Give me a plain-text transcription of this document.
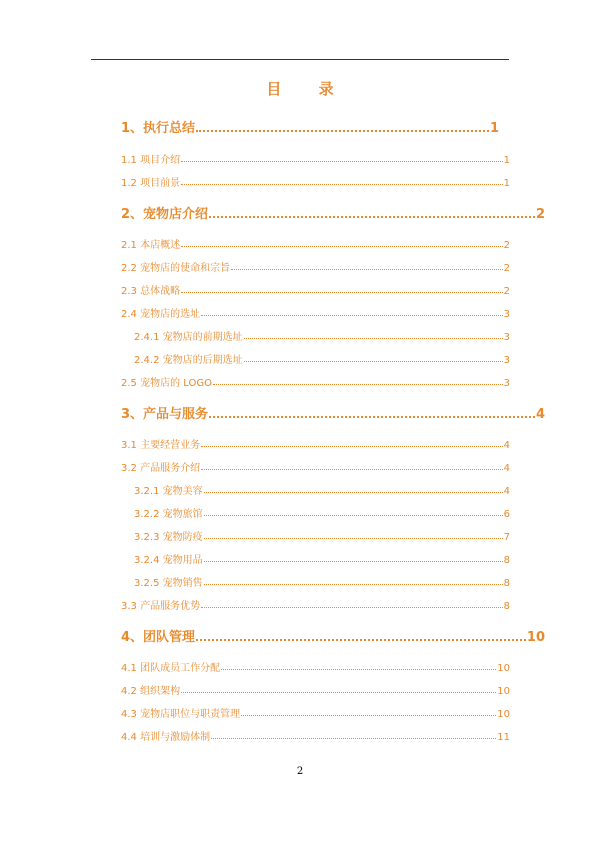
目 录
1、执行总结	1
1.1 项目介绍	1
1.2 项目前景	1
2、宠物店介绍	2
2.1 本店概述	2
2.2 宠物店的使命和宗旨	2
2.3 总体战略	2
2.4 宠物店的选址	3
2.4.1 宠物店的前期选址	3
2.4.2 宠物店的后期选址	3
2.5 宠物店的 LOGO	3
3、产品与服务	4
3.1 主要经营业务	4
3.2 产品服务介绍	4
3.2.1 宠物美容	4
3.2.2 宠物旅馆	6
3.2.3 宠物防疫	7
3.2.4 宠物用品	8
3.2.5 宠物销售	8
3.3 产品服务优势	8
4、团队管理	10
4.1 团队成员工作分配	10
4.2 组织架构	10
4.3 宠物店职位与职责管理	10
4.4 培训与激励体制	11
2
